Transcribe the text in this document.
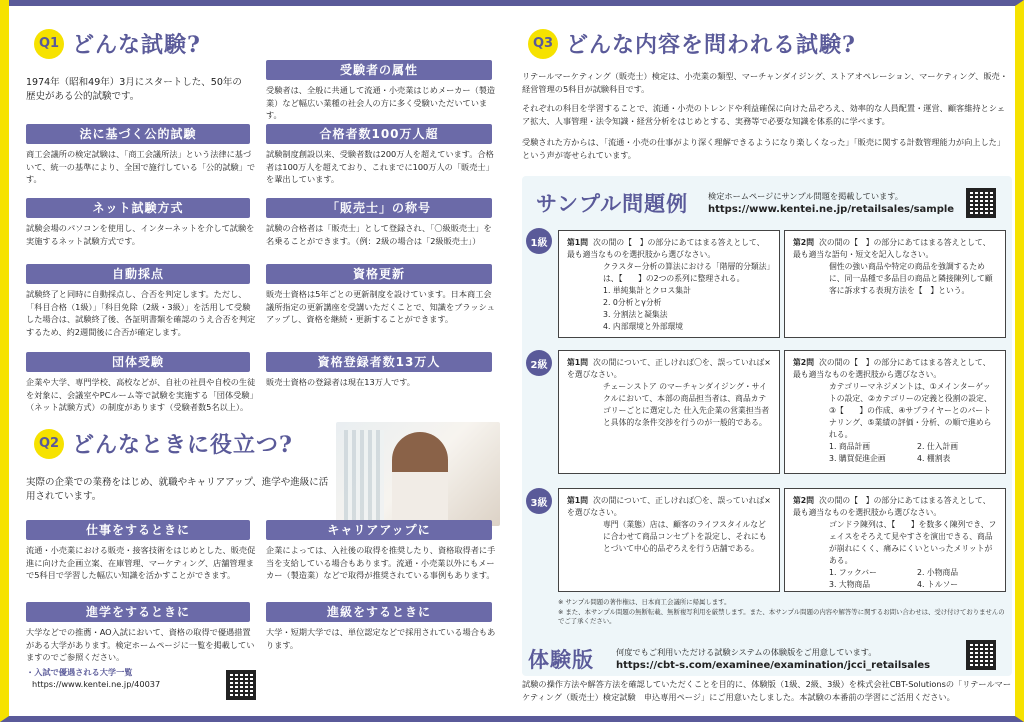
Q1 どんな試験?
1974年（昭和49年）3月にスタートした、50年の歴史がある公的試験です。
法に基づく公的試験
商工会議所の検定試験は、「商工会議所法」という法律に基づいて、統一の基準により、全国で施行している「公的試験」です。
ネット試験方式
試験会場のパソコンを使用し、インターネットを介して試験を実施するネット試験方式です。
自動採点
試験終了と同時に自動採点し、合否を判定します。ただし、「科目合格（1級）」「科目免除（2級・3級）」を活用して受験した場合は、試験終了後、各証明書類を確認のうえ合否を判定するため、約2週間後に合否が確定します。
団体受験
企業や大学、専門学校、高校などが、自社の社員や自校の生徒を対象に、会議室やPCルーム等で試験を実施する「団体受験」（ネット試験方式）の制度があります（受験者数5名以上）。
受験者の属性
受験者は、全般に共通して流通・小売業はじめメーカー（製造業）など幅広い業種の社会人の方に多く受験いただいています。
合格者数100万人超
試験制度創設以来、受験者数は200万人を超えています。合格者は100万人を超えており、これまでに100万人の「販売士」を輩出しています。
「販売士」の称号
試験の合格者は「販売士」として登録され、「〇級販売士」を名乗ることができます。（例：2級の場合は「2級販売士」）
資格更新
販売士資格は5年ごとの更新制度を設けています。日本商工会議所指定の更新講座を受講いただくことで、知識をブラッシュアップし、資格を継続・更新することができます。
資格登録者数13万人
販売士資格の登録者は現在13万人です。
Q2 どんなときに役立つ?
実際の企業での業務をはじめ、就職やキャリアアップ、進学や進級に活用されています。
仕事をするときに
流通・小売業における販売・接客技術をはじめとした、販売促進に向けた企画立案、在庫管理、マーケティング、店舗管理まで5科目で学習した幅広い知識を活かすことができます。
キャリアアップに
企業によっては、入社後の取得を推奨したり、資格取得者に手当を支給している場合もあります。流通・小売業以外にもメーカー（製造業）などで取得が推奨されている事例もあります。
進学をするときに
大学などでの推薦・AO入試において、資格の取得で優遇措置がある大学があります。検定ホームページに一覧を掲載していますのでご参照ください。
・入試で優遇される大学一覧
https://www.kentei.ne.jp/40037
進級をするときに
大学・短期大学では、単位認定などで採用されている場合もあります。
Q3 どんな内容を問われる試験?
リテールマーケティング（販売士）検定は、小売業の類型、マーチャンダイジング、ストアオペレーション、マーケティング、販売・経営管理の5科目が試験科目です。
それぞれの科目を学習することで、流通・小売のトレンドや利益確保に向けた品ぞろえ、効率的な人員配置・運営、顧客維持とシェア拡大、人事管理・法令知識・経営分析をはじめとする、実務等で必要な知識を体系的に学べます。
受験された方からは、「流通・小売の仕事がより深く理解できるようになり楽しくなった」「販売に関する計数管理能力が向上した」という声が寄せられています。
サンプル問題例 検定ホームページにサンプル問題を掲載しています。
https://www.kentei.ne.jp/retailsales/sample
1級	第1問 次の間の【　】の部分にあてはまる答えとして、最も適当なものを選択肢から選びなさい。
クラスター分析の算法における「階層的分類法」は、【　　】の2つの系列に整理される。
1. 単純集計とクロス集計
2. 0分析とγ分析
3. 分割法と凝集法
4. 内部環境と外部環境
第2問 次の間の【　】の部分にあてはまる答えとして、最も適当な語句・短文を記入しなさい。
個性の強い商品や特定の商品を強調するために、同一品種で多品目の商品と隣接陳列して顧客に訴求する表現方法を【　】という。
2級	第1問 次の間について、正しければ〇を、誤っていれば×を選びなさい。
チェーンストア のマーチャンダイジング・サイクルにおいて、本部の商品担当者は、商品カテゴリーごとに選定した 仕入先企業の営業担当者と具体的な条件交渉を行うのが一般的である。
第2問 次の間の【　】の部分にあてはまる答えとして、最も適当なものを選択肢から選びなさい。
カテゴリーマネジメントは、①メインターゲットの設定、②カテゴリーの定義と役割の設定、③【　　】の作成、④サプライヤーとのパートナリング、⑤業績の評価・分析、の順で進められる。
1. 商品計画	2. 仕入計画
3. 購買促進企画	4. 棚割表
3級	第1問 次の間について、正しければ〇を、誤っていれば×を選びなさい。
専門（業態）店は、顧客のライフスタイルなどに合わせて商品コンセプトを設定し、それにもとづいて中心的品ぞろえを行う店舗である。
第2問 次の間の【　】の部分にあてはまる答えとして、最も適当なものを選択肢から選びなさい。
ゴンドラ陳列は、【　　】を数多く陳列でき、フェイスをそろえて見やすさを演出できる、商品が崩れにくく、痛みにくいといったメリットがある。
1. フックバー	2. 小物商品
3. 大物商品	4. トルソー
※ サンプル問題の著作権は、日本商工会議所に帰属します。
※ また、本サンプル問題の無断転載、無断複写利用を厳禁します。また、本サンプル問題の内容や解答等に関するお問い合わせは、受け付けておりませんのでご了承ください。
体験版	何度でもご利用いただける試験システムの体験版をご用意しています。
https://cbt-s.com/examinee/examination/jcci_retailsales
試験の操作方法や解答方法を確認していただくことを目的に、体験版（1級、2級、3級）を株式会社CBT-Solutionsの「リテールマーケティング（販売士）検定試験　申込専用ページ」にご用意いたしました。本試験の本番前の学習にご活用ください。
